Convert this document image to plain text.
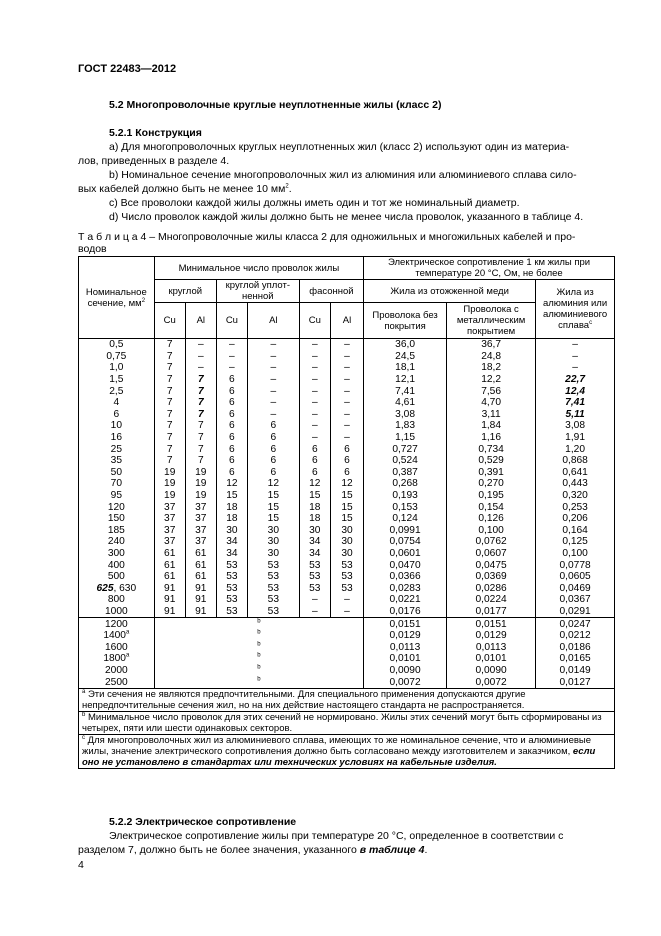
ГОСТ 22483—2012
5.2 Многопроволочные круглые неуплотненные жилы (класс 2)
5.2.1 Конструкция
a) Для многопроволочных круглых неуплотненных жил (класс 2) используют один из материа-
лов, приведенных в разделе 4.
b) Номинальное сечение многопроволочных жил из алюминия или алюминиевого сплава сило-
вых кабелей должно быть не менее 10 $мм^2$.
c) Все проволоки каждой жилы должны иметь один и тот же номинальный диаметр.
d) Число проволок каждой жилы должно быть не менее числа проволок, указанного в таблице 4.
Т а б л и ц а 4 – Многопроволочные жилы класса 2 для одножильных и многожильных кабелей и про-
водов
Номинальное сечение, $мм^2$	Минимальное число проволок жилы						Электрическое сопротивление 1 км жилы при температуре 20 °С, Ом, не более		
	круглой		круглой уплот-ненной		фасонной		Жила из отожженной меди		Жила из алюминия или алюминиевого сплава$^c$
	Cu	Al	Cu	Al	Cu	Al	Проволока без покрытия	Проволока с металлическим покрытием	
0,5	7	–	–	–	–	–	36,0	36,7	–
0,75	7	–	–	–	–	–	24,5	24,8	–
1,0	7	–	–	–	–	–	18,1	18,2	–
1,5	7	7	6	–	–	–	12,1	12,2	22,7
2,5	7	7	6	–	–	–	7,41	7,56	12,4
4	7	7	6	–	–	–	4,61	4,70	7,41
6	7	7	6	–	–	–	3,08	3,11	5,11
10	7	7	6	6	–	–	1,83	1,84	3,08
16	7	7	6	6	–	–	1,15	1,16	1,91
25	7	7	6	6	6	6	0,727	0,734	1,20
35	7	7	6	6	6	6	0,524	0,529	0,868
50	19	19	6	6	6	6	0,387	0,391	0,641
70	19	19	12	12	12	12	0,268	0,270	0,443
95	19	19	15	15	15	15	0,193	0,195	0,320
120	37	37	18	15	18	15	0,153	0,154	0,253
150	37	37	18	15	18	15	0,124	0,126	0,206
185	37	37	30	30	30	30	0,0991	0,100	0,164
240	37	37	34	30	34	30	0,0754	0,0762	0,125
300	61	61	34	30	34	30	0,0601	0,0607	0,100
400	61	61	53	53	53	53	0,0470	0,0475	0,0778
500	61	61	53	53	53	53	0,0366	0,0369	0,0605
625, 630	91	91	53	53	53	53	0,0283	0,0286	0,0469
800	91	91	53	53	–	–	0,0221	0,0224	0,0367
1000	91	91	53	53	–	–	0,0176	0,0177	0,0291
1200	$^b$						0,0151	0,0151	0,0247
1400$^a$	$^b$						0,0129	0,0129	0,0212
1600	$^b$						0,0113	0,0113	0,0186
1800$^a$	$^b$						0,0101	0,0101	0,0165
2000	$^b$						0,0090	0,0090	0,0149
2500	$^b$						0,0072	0,0072	0,0127
$^a$ Эти сечения не являются предпочтительными. Для специального применения допускаются другие непредпочтительные сечения жил, но на них действие настоящего стандарта не распространяется.									
$^b$ Минимальное число проволок для этих сечений не нормировано. Жилы этих сечений могут быть сформированы из четырех, пяти или шести одинаковых секторов.									
$^c$ Для многопроволочных жил из алюминиевого сплава, имеющих то же номинальное сечение, что и алюминиевые жилы, значение электрического сопротивления должно быть согласовано между изготовителем и заказчиком, если оно не установлено в стандартах или технических условиях на кабельные изделия.									
5.2.2 Электрическое сопротивление
Электрическое сопротивление жилы при температуре 20 °С, определенное в соответствии с
разделом 7, должно быть не более значения, указанного в таблице 4.
4
